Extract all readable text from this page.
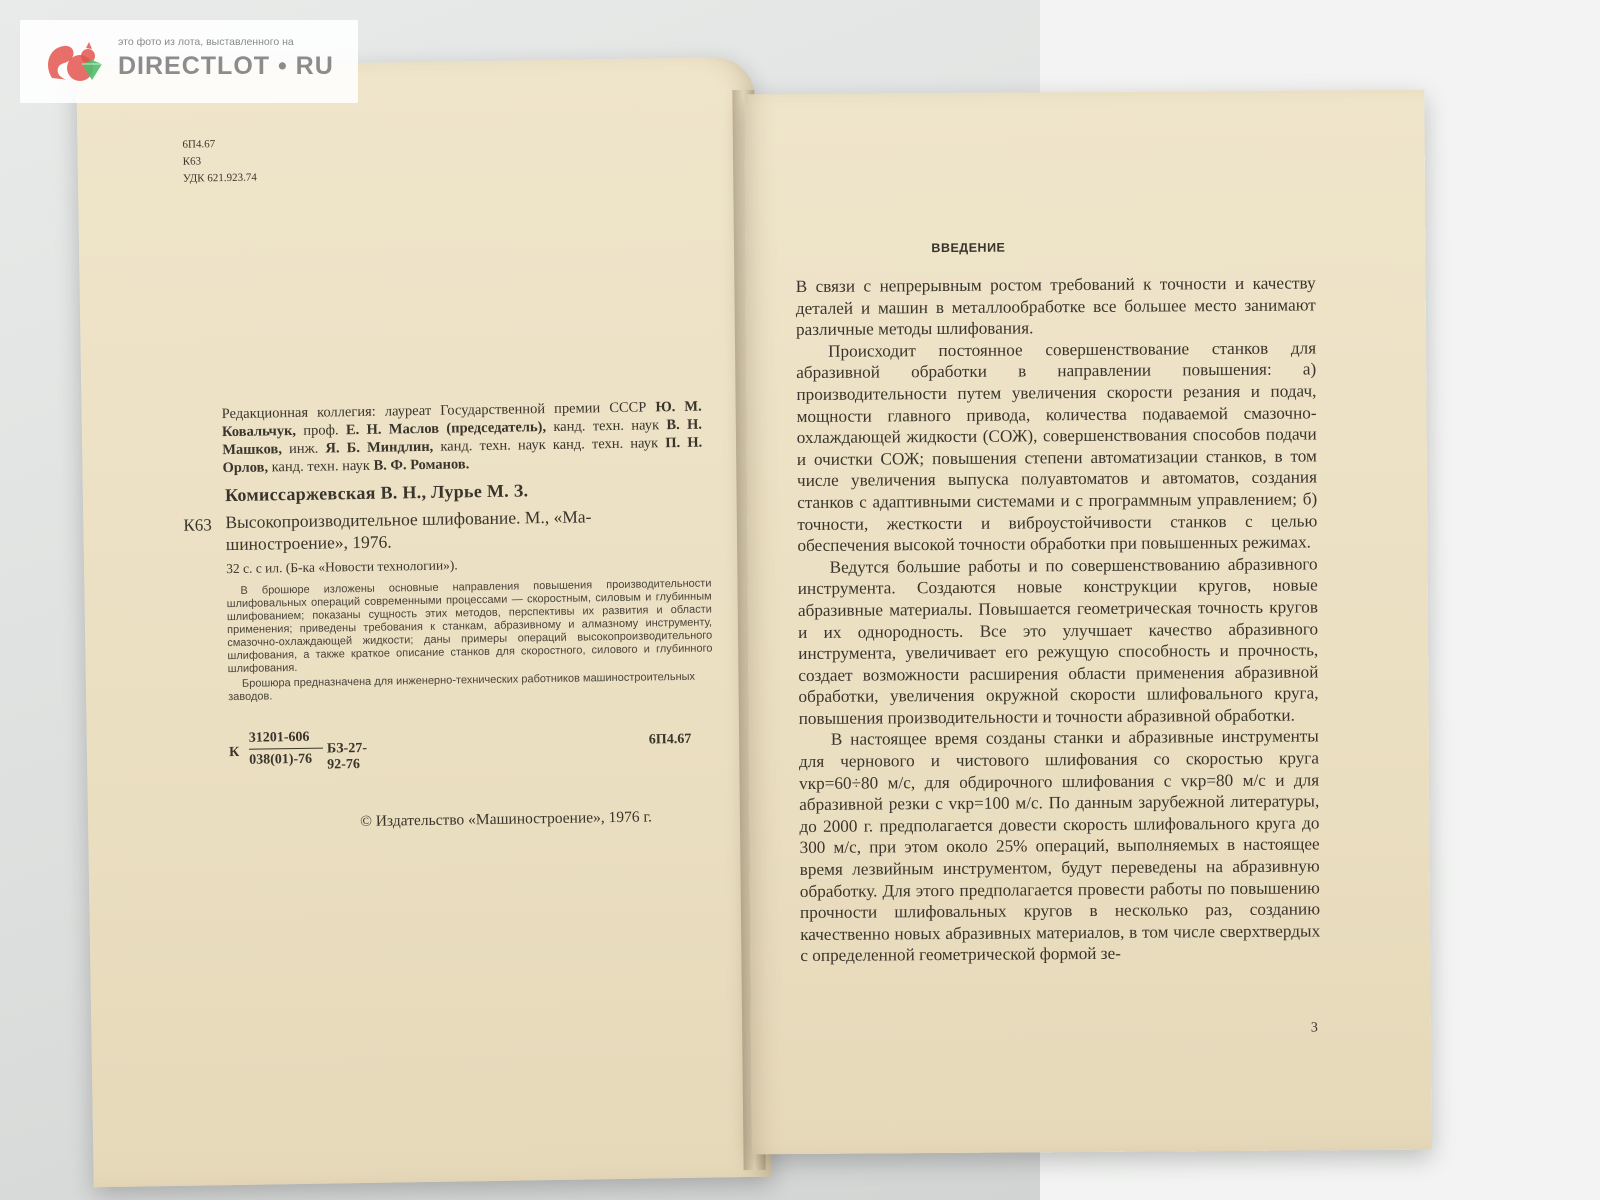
6П4.67
К63
УДК 621.923.74
Редакционная коллегия: лауреат Государственной премии СССР Ю. М. Ковальчук, проф. Е. Н. Маслов (председатель), канд. техн. наук В. Н. Машков, инж. Я. Б. Миндлин, канд. техн. наук канд. техн. наук П. Н. Орлов, канд. техн. наук В. Ф. Романов.
Комиссаржевская В. Н., Лурье М. З.
К63 Высокопроизводительное шлифование. М., «Ма-
шиностроение», 1976.
32 с. с ил. (Б-ка «Новости технологии»).
В брошюре изложены основные направления повышения производительности шлифовальных операций современными процессами — скоростным, силовым и глубинным шлифованием; показаны сущность этих методов, перспективы их развития и области применения; приведены требования к станкам, абразивному и алмазному инструменту, смазочно-охлаждающей жидкости; даны примеры операций высокопроизводительного шлифования, а также краткое описание станков для скоростного, силового и глубинного шлифования.
Брошюра предназначена для инженерно-технических работников машиностроительных заводов.
К
31201-606
038(01)-76
БЗ-27-92-76
6П4.67
© Издательство «Машиностроение», 1976 г.
ВВЕДЕНИЕ

В связи с непрерывным ростом требований к точности и качеству деталей и машин в металлообработке все большее место занимают различные методы шлифования.

Происходит постоянное совершенствование станков для абразивной обработки в направлении повышения: а) производительности путем увеличения скорости резания и подач, мощности главного привода, количества подаваемой смазочно-охлаждающей жидкости (СОЖ), совершенствования способов подачи и очистки СОЖ; повышения степени автоматизации станков, в том числе увеличения выпуска полуавтоматов и автоматов, создания станков с адаптивными системами и с программным управлением; б) точности, жесткости и виброустойчивости станков с целью обеспечения высокой точности обработки при повышенных режимах.

Ведутся большие работы и по совершенствованию абразивного инструмента. Создаются новые конструкции кругов, новые абразивные материалы. Повышается геометрическая точность кругов и их однородность. Все это улучшает качество абразивного инструмента, увеличивает его режущую способность и прочность, создает возможности расширения области применения абразивной обработки, увеличения окружной скорости шлифовального круга, повышения производительности и точности абразивной обработки.

В настоящее время созданы станки и абразивные инструменты для чернового и чистового шлифования со скоростью круга vкр=60÷80 м/с, для обдирочного шлифования с vкр=80 м/с и для абразивной резки с vкр=100 м/с. По данным зарубежной литературы, до 2000 г. предполагается довести скорость шлифовального круга до 300 м/с, при этом около 25% операций, выполняемых в настоящее время лезвийным инструментом, будут переведены на абразивную обработку. Для этого предполагается провести работы по повышению прочности шлифовальных кругов в несколько раз, созданию качественно новых абразивных материалов, в том числе сверхтвердых с определенной геометрической формой зе-

3
это фото из лота, выставленного на
DIRECTLOT • RU
